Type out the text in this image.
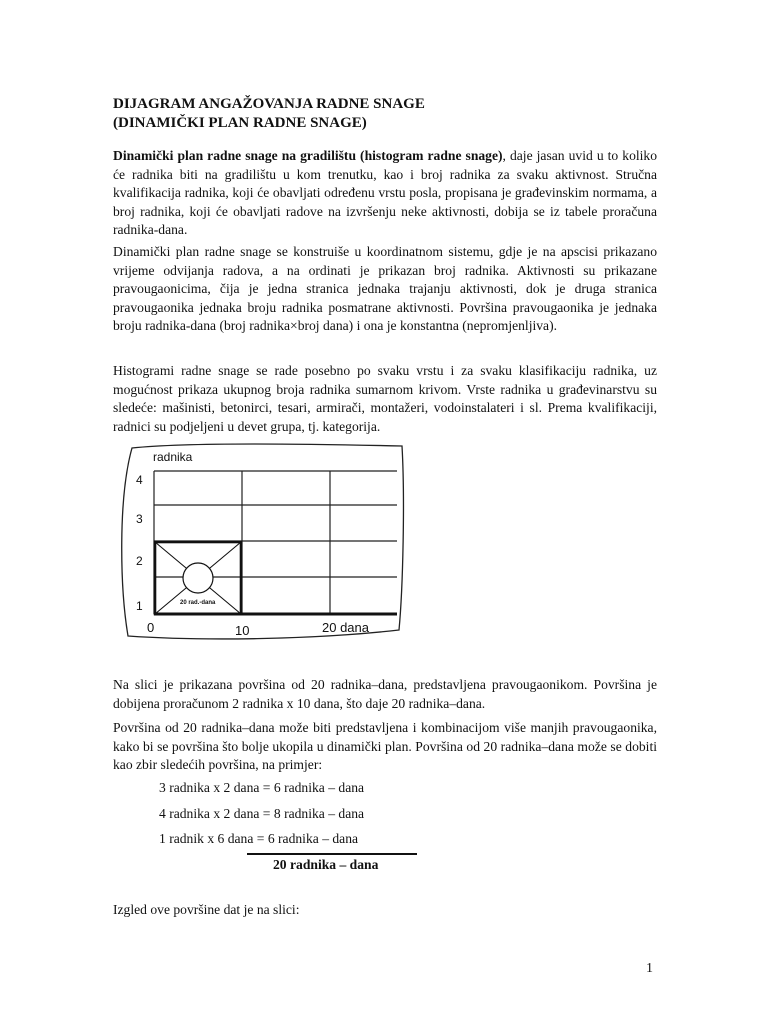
DIJAGRAM ANGAŽOVANJA RADNE SNAGE
(DINAMIČKI PLAN RADNE SNAGE)

Dinamički plan radne snage na gradilištu (histogram radne snage), daje jasan uvid u to koliko će radnika biti na gradilištu u kom trenutku, kao i broj radnika za svaku aktivnost. Stručna kvalifikacija radnika, koji će obavljati određenu vrstu posla, propisana je građevinskim normama, a broj radnika, koji će obavljati radove na izvršenju neke aktivnosti, dobija se iz tabele proračuna radnika-dana.

Dinamički plan radne snage se konstruiše u koordinatnom sistemu, gdje je na apscisi prikazano vrijeme odvijanja radova, a na ordinati je prikazan broj radnika. Aktivnosti su prikazane pravougaonicima, čija je jedna stranica jednaka trajanju aktivnosti, dok je druga stranica pravougaonika jednaka broju radnika posmatrane aktivnosti. Površina pravougaonika je jednaka broju radnika-dana (broj radnika×broj dana) i ona je konstantna (nepromjenljiva).

Histogrami radne snage se rade posebno po svaku vrstu i za svaku klasifikaciju radnika, uz mogućnost prikaza ukupnog broja radnika sumarnom krivom. Vrste radnika u građevinarstvu su sledeće: mašinisti, betonirci, tesari, armirači, montažeri, vodoinstalateri i sl. Prema kvalifikaciji, radnici su podjeljeni u devet grupa, tj. kategorija.

20 rad.-dana
radnika
4
3
2
1
0	10	20 dana

Na slici je prikazana površina od 20 radnika–dana, predstavljena pravougaonikom. Površina je dobijena proračunom 2 radnika x 10 dana, što daje 20 radnika–dana.

Površina od 20 radnika–dana može biti predstavljena i kombinacijom više manjih pravougaonika, kako bi se površina što bolje ukopila u dinamički plan. Površina od 20 radnika–dana može se dobiti kao zbir sledećih površina, na primjer:

3 radnika x 2 dana = 6 radnika – dana
4 radnika x 2 dana = 8 radnika – dana
1 radnik x 6 dana = 6 radnika – dana
20 radnika – dana
Izgled ove površine dat je na slici:
1
